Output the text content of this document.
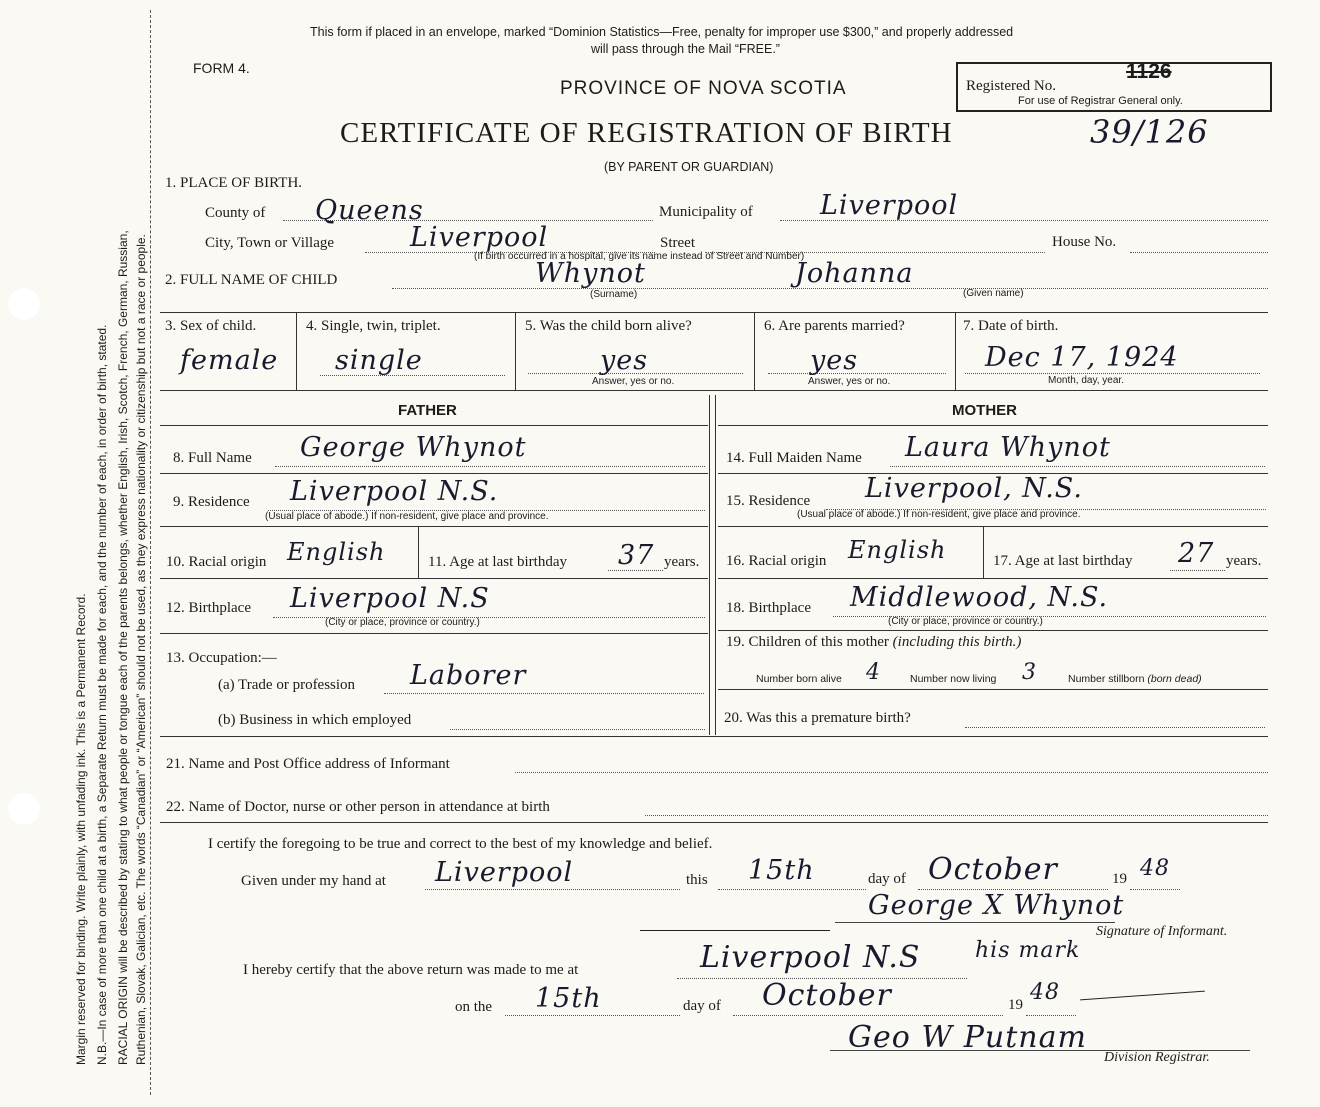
Margin reserved for binding. Write plainly, with unfading ink. This is a Permanent Record. N.B.—In case of more than one child at a birth, a Separate Return must be made for each, and the number of each, in order of birth, stated. RACIAL ORIGIN will be described by stating to what people or tongue each of the parents belongs, whether English, Irish, Scotch, French, German, Russian, Ruthenian, Slovak, Galician, etc. The words “Canadian” or “American” should not be used, as they express nationality or citizenship but not a race or people.
This form if placed in an envelope, marked “Dominion Statistics—Free, penalty for improper use $300,” and properly addressed
will pass through the Mail “FREE.”
FORM 4.
PROVINCE OF NOVA SCOTIA
CERTIFICATE OF REGISTRATION OF BIRTH
(BY PARENT OR GUARDIAN)
39/126
Registered No.
For use of Registrar General only.
1126
1. PLACE OF BIRTH.
County of Queens	Municipality of Liverpool
City, Town or Village	Liverpool	Street	House No.
(If birth occurred in a hospital, give its name instead of Street and Number)
2. FULL NAME OF CHILD	Whynot	Johanna
(Surname)	(Given name)
3. Sex of child.
female
4. Single, twin, triplet.
single
5. Was the child born alive?
yes
Answer, yes or no.
6. Are parents married?
yes
Answer, yes or no.
7. Date of birth.
Dec 17, 1924
Month, day, year.
FATHER	MOTHER
8. Full Name George Whynot
9. Residence Liverpool N.S.
(Usual place of abode.) If non-resident, give place and province.
10. Racial origin English	11. Age at last birthday 37 years.
12. Birthplace Liverpool N.S
(City or place, province or country.)
13. Occupation:—
(a) Trade or profession Laborer
(b) Business in which employed
14. Full Maiden Name Laura Whynot
15. Residence Liverpool, N.S.
(Usual place of abode.) If non-resident, give place and province.
16. Racial origin English	17. Age at last birthday 27 years.
18. Birthplace Middlewood, N.S.
(City or place, province or country.)
19. Children of this mother (including this birth.)
Number born alive 4	Number now living 3	Number stillborn (born dead)
20. Was this a premature birth?
21. Name and Post Office address of Informant
22. Name of Doctor, nurse or other person in attendance at birth
I certify the foregoing to be true and correct to the best of my knowledge and belief.
Given under my hand at Liverpool	this 15th	day of October	19 48
George X Whynot
Signature of Informant.
his mark
I hereby certify that the above return was made to me at	Liverpool N.S
on the 15th	day of October	19 48
Geo W Putnam
Division Registrar.
